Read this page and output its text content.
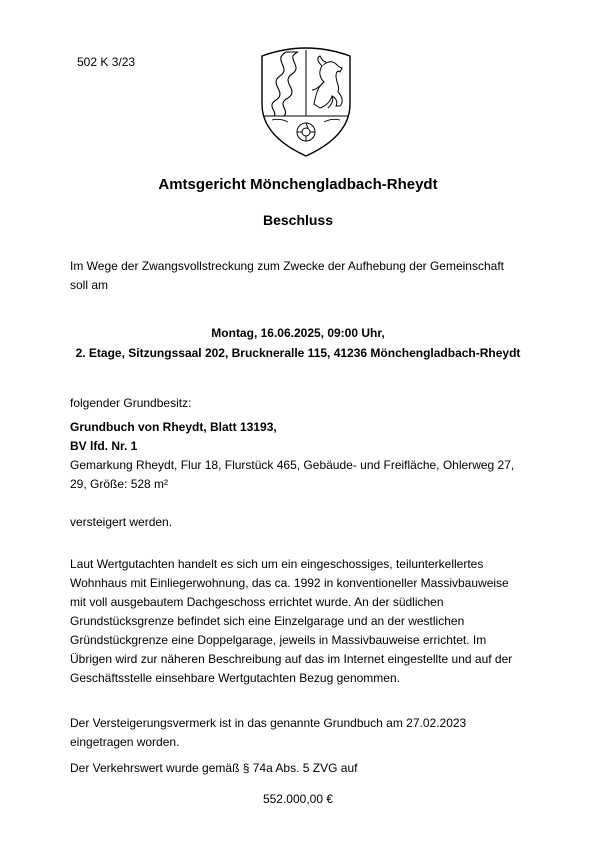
502 K 3/23
Amtsgericht Mönchengladbach-Rheydt
Beschluss
Im Wege der Zwangsvollstreckung zum Zwecke der Aufhebung der Gemeinschaft
soll am
Montag, 16.06.2025, 09:00 Uhr,
2. Etage, Sitzungssaal 202, Bruckneralle 115, 41236 Mönchengladbach-Rheydt
folgender Grundbesitz:
Grundbuch von Rheydt, Blatt 13193,
BV lfd. Nr. 1
Gemarkung Rheydt, Flur 18, Flurstück 465, Gebäude- und Freifläche, Ohlerweg 27,
29, Größe: 528 m²
versteigert werden.
Laut Wertgutachten handelt es sich um ein eingeschossiges, teilunterkellertes
Wohnhaus mit Einliegerwohnung, das ca. 1992 in konventioneller Massivbauweise
mit voll ausgebautem Dachgeschoss errichtet wurde. An der südlichen
Grundstücksgrenze befindet sich eine Einzelgarage und an der westlichen
Gründstückgrenze eine Doppelgarage, jeweils in Massivbauweise errichtet. Im
Übrigen wird zur näheren Beschreibung auf das im Internet eingestellte und auf der
Geschäftsstelle einsehbare Wertgutachten Bezug genommen.
Der Versteigerungsvermerk ist in das genannte Grundbuch am 27.02.2023
eingetragen worden.
Der Verkehrswert wurde gemäß § 74a Abs. 5 ZVG auf
552.000,00 €
